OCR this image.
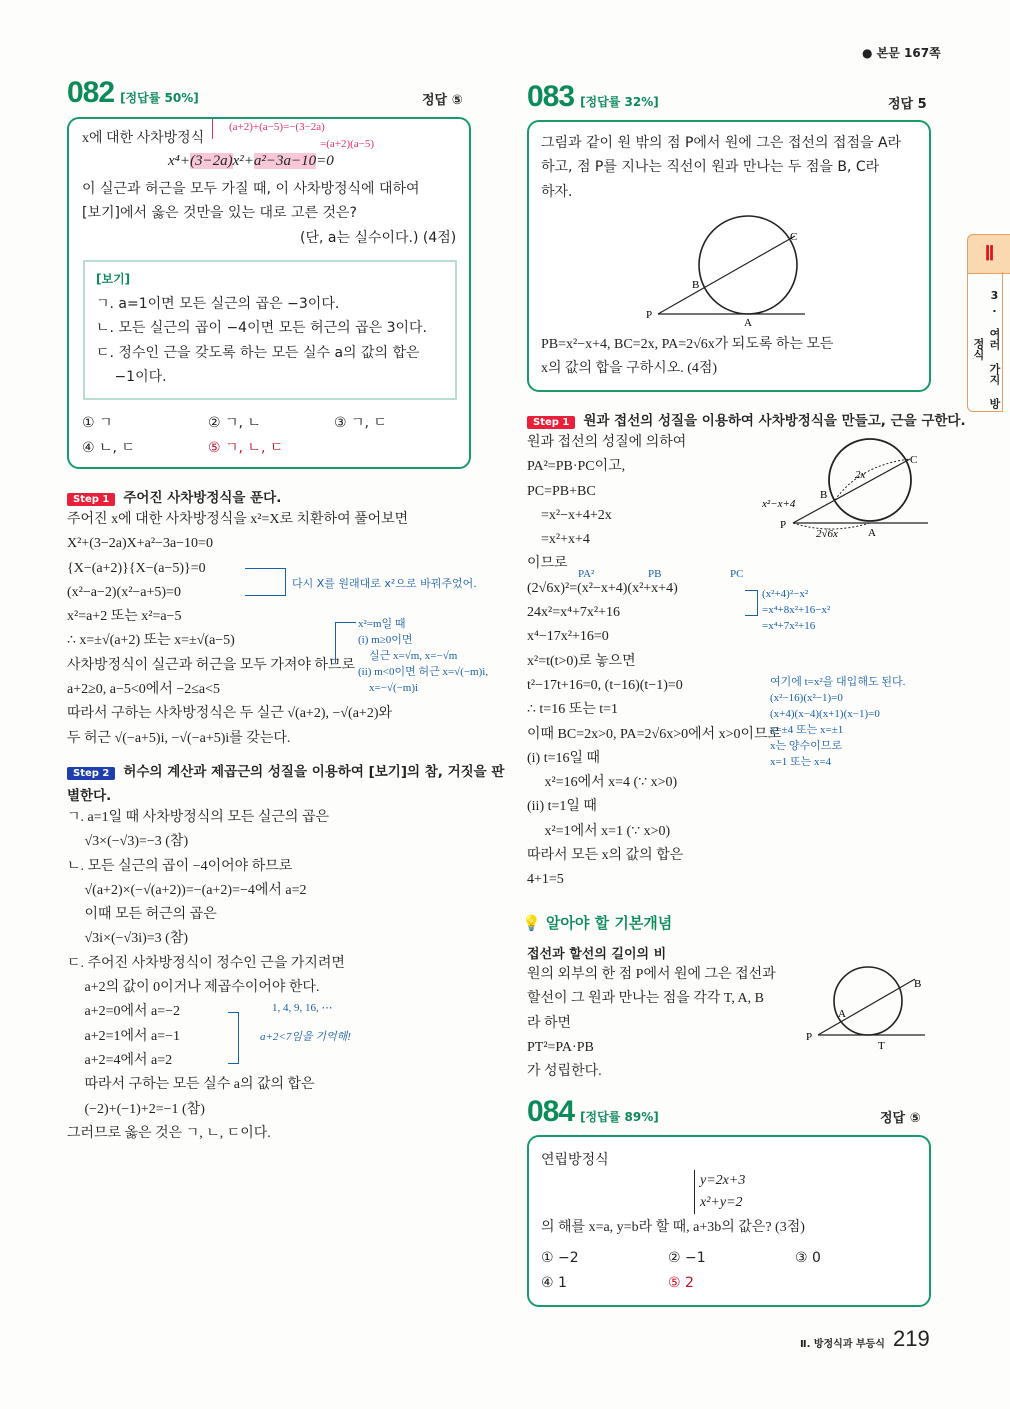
● 본문 167쪽
Ⅱ
3. 여러 가지 방정식
082 [정답률 50%]	정답 ⑤
x에 대한 사차방정식
(a+2)+(a−5)=−(3−2a)
=(a+2)(a−5)
x⁴+(3−2a)x²+a²−3a−10=0
이 실근과 허근을 모두 가질 때, 이 사차방정식에 대하여
[보기]에서 옳은 것만을 있는 대로 고른 것은?
(단, a는 실수이다.) (4점)
[보기]
ㄱ. a=1이면 모든 실근의 곱은 −3이다.
ㄴ. 모든 실근의 곱이 −4이면 모든 허근의 곱은 3이다.
ㄷ. 정수인 근을 갖도록 하는 모든 실수 a의 값의 합은
　 −1이다.
① ㄱ	② ㄱ, ㄴ	③ ㄱ, ㄷ
④ ㄴ, ㄷ	⑤ ㄱ, ㄴ, ㄷ
Step 1 주어진 사차방정식을 푼다.
주어진 x에 대한 사차방정식을 x²=X로 치환하여 풀어보면
X²+(3−2a)X+a²−3a−10=0
{X−(a+2)}{X−(a−5)}=0
(x²−a−2)(x²−a+5)=0
x²=a+2 또는 x²=a−5
∴ x=±√(a+2) 또는 x=±√(a−5)
사차방정식이 실근과 허근을 모두 가져야 하므로
a+2≥0, a−5<0에서 −2≤a<5
따라서 구하는 사차방정식은 두 실근 √(a+2), −√(a+2)와
두 허근 √(−a+5)i, −√(−a+5)i를 갖는다.
다시 X를 원래대로 x²으로 바꿔주었어.
x²=m일 때
(i) m≥0이면
　실근 x=√m, x=−√m
(ii) m<0이면 허근 x=√(−m)i,
　x=−√(−m)i
Step 2 허수의 계산과 제곱근의 성질을 이용하여 [보기]의 참, 거짓을 판
별한다.
ㄱ. a=1일 때 사차방정식의 모든 실근의 곱은
　 √3×(−√3)=−3 (참)
ㄴ. 모든 실근의 곱이 −4이어야 하므로
　 √(a+2)×(−√(a+2))=−(a+2)=−4에서 a=2
　 이때 모든 허근의 곱은
　 √3i×(−√3i)=3 (참)
ㄷ. 주어진 사차방정식이 정수인 근을 가지려면
　 a+2의 값이 0이거나 제곱수이어야 한다.
　 a+2=0에서 a=−2
　 a+2=1에서 a=−1
　 a+2=4에서 a=2
　 따라서 구하는 모든 실수 a의 값의 합은
　 (−2)+(−1)+2=−1 (참)
그러므로 옳은 것은 ㄱ, ㄴ, ㄷ이다.
1, 4, 9, 16, ⋯
a+2<7임을 기억해!
083 [정답률 32%]	정답 5
그림과 같이 원 밖의 점 P에서 원에 그은 접선의 접점을 A라
하고, 점 P를 지나는 직선이 원과 만나는 두 점을 B, C라
하자.
P
A
B
C
PB=x²−x+4, BC=2x, PA=2√6x가 되도록 하는 모든
x의 값의 합을 구하시오. (4점)
Step 1 원과 접선의 성질을 이용하여 사차방정식을 만들고, 근을 구한다.
원과 접선의 성질에 의하여
PA²=PB·PC이고,
PC=PB+BC
　=x²−x+4+2x
　=x²+x+4
이므로
(2√6x)²=(x²−x+4)(x²+x+4)
24x²=x⁴+7x²+16
x⁴−17x²+16=0
x²=t(t>0)로 놓으면
t²−17t+16=0, (t−16)(t−1)=0
∴ t=16 또는 t=1
이때 BC=2x>0, PA=2√6x>0에서 x>0이므로
(i) t=16일 때
　 x²=16에서 x=4 (∵ x>0)
(ii) t=1일 때
　 x²=1에서 x=1 (∵ x>0)
따라서 모든 x의 값의 합은
4+1=5
P
A
B
C
x²−x+4
2x
2√6x
PA²	PB	PC
(x²+4)²−x²
=x⁴+8x²+16−x²
=x⁴+7x²+16
여기에 t=x²을 대입해도 된다.
(x²−16)(x²−1)=0
(x+4)(x−4)(x+1)(x−1)=0
x=±4 또는 x=±1
x는 양수이므로
x=1 또는 x=4
💡 알아야 할 기본개념
접선과 할선의 길이의 비
원의 외부의 한 점 P에서 원에 그은 접선과
할선이 그 원과 만나는 점을 각각 T, A, B
라 하면
PT²=PA·PB
가 성립한다.
P
T
A
B
084 [정답률 89%]	정답 ⑤
연립방정식
y=2x+3
x²+y=2
의 해를 x=a, y=b라 할 때, a+3b의 값은? (3점)
① −2	② −1	③ 0
④ 1	⑤ 2
Ⅱ. 방정식과 부등식 219
